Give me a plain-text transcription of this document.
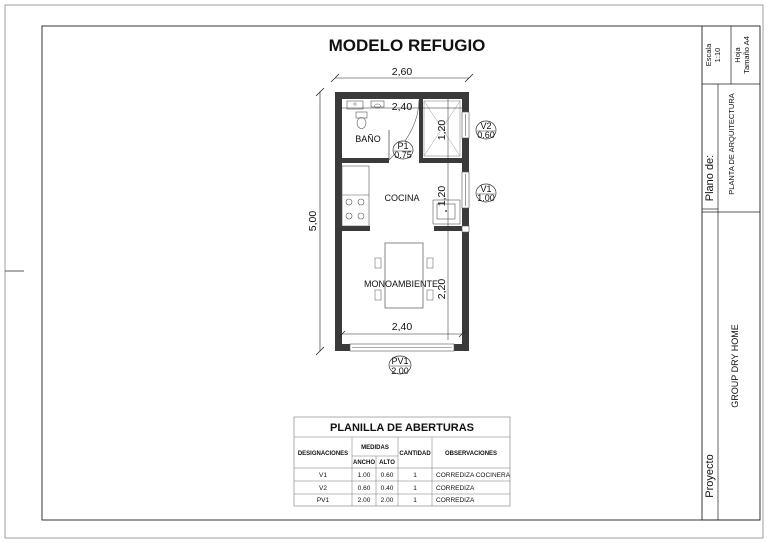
MODELO REFUGIO
BAÑO
COCINA
MONOAMBIENTE
V2
0.60
V1
1.00
P1
0.75
PV1
2.00
2,60
2,40
5,00
1,20
1,20
2,20
2,40
PLANILLA DE ABERTURAS
DESIGNACIONES
MEDIDAS
ANCHO ALTO
CANTIDAD OBSERVACIONES
V1	1.00 0.60	1	CORREDIZA COCINERA
V2	0.60 0.40	1	CORREDIZA
PV1	2.00 2.00	1	CORREDIZA
Escala 1:10 Hoja Tamaño A4
Plano de: PLANTA DE ARQUITECTURA
Proyecto
GROUP DRY HOME
